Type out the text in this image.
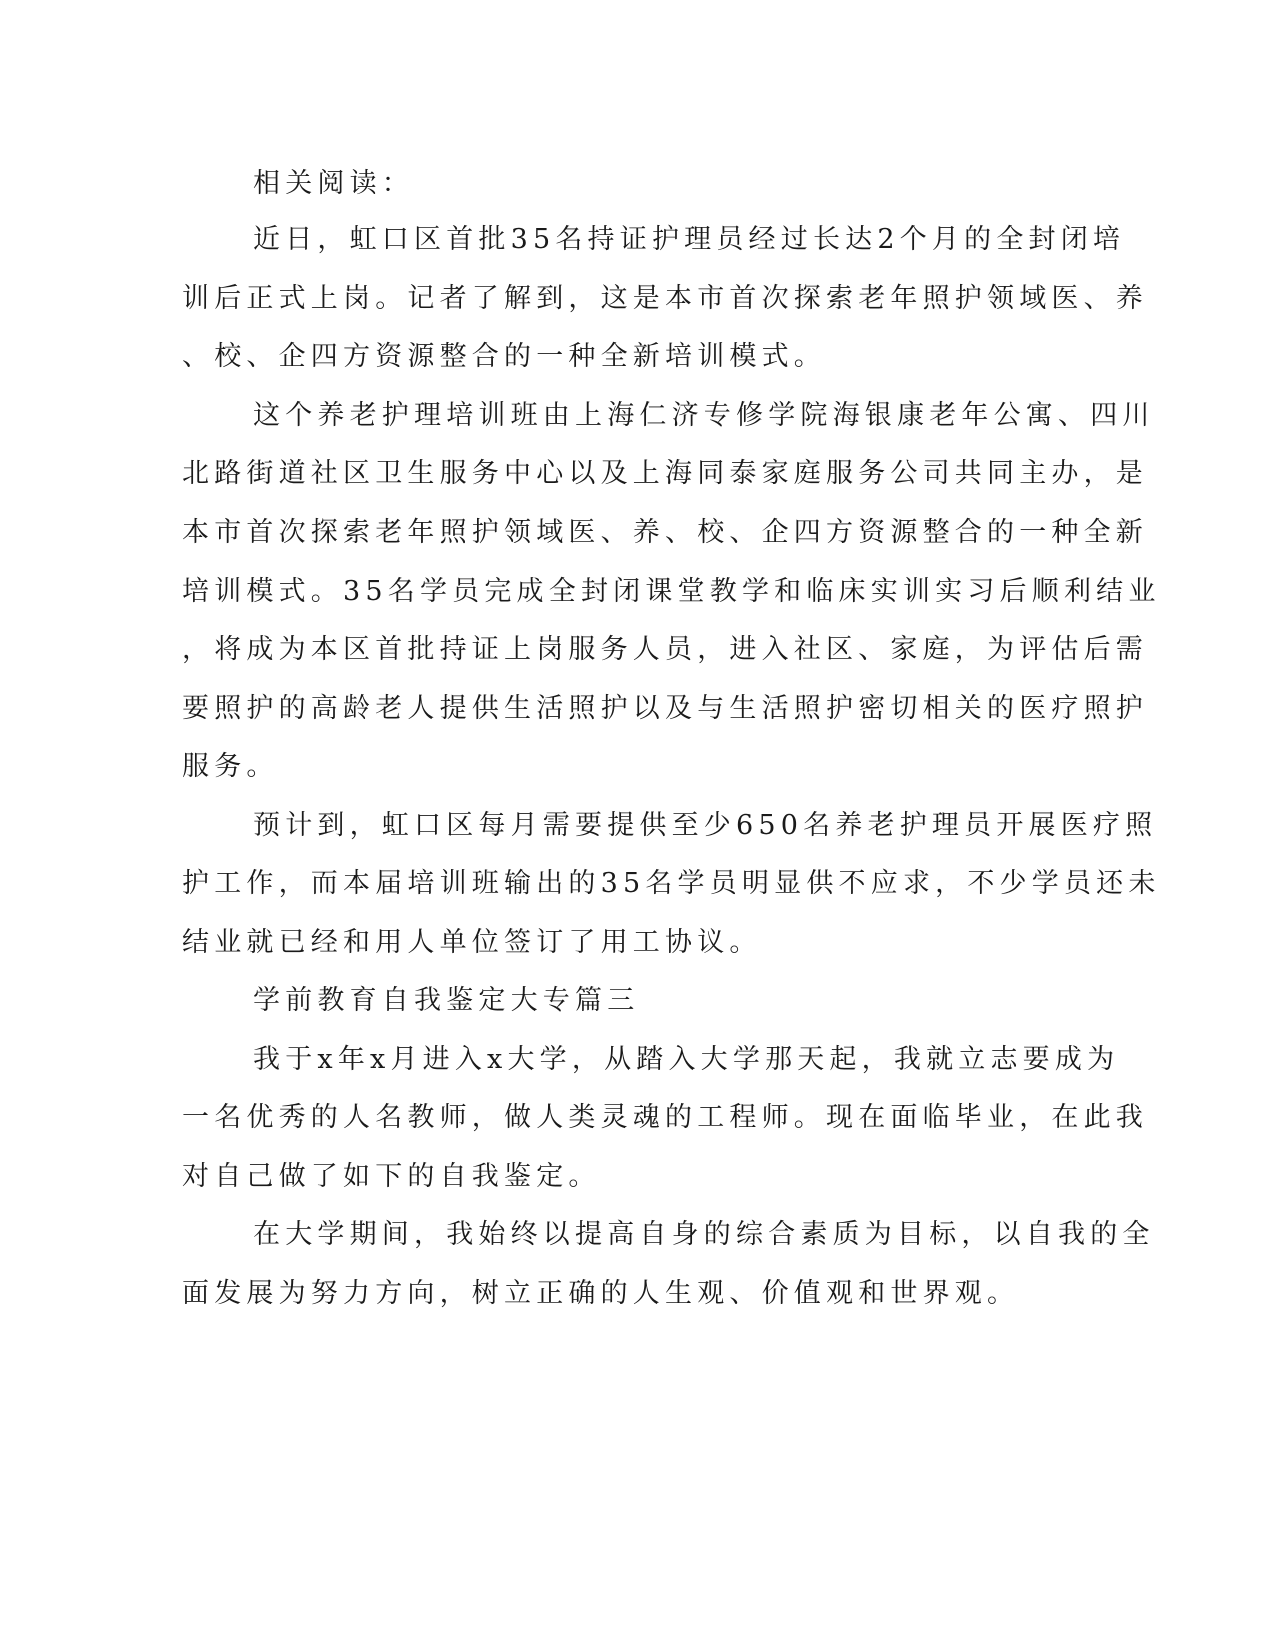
相关阅读：

近日，虹口区首批35名持证护理员经过长达2个月的全封闭培

训后正式上岗。记者了解到，这是本市首次探索老年照护领域医、养

、校、企四方资源整合的一种全新培训模式。

这个养老护理培训班由上海仁济专修学院海银康老年公寓、四川

北路街道社区卫生服务中心以及上海同泰家庭服务公司共同主办，是

本市首次探索老年照护领域医、养、校、企四方资源整合的一种全新

培训模式。35名学员完成全封闭课堂教学和临床实训实习后顺利结业

，将成为本区首批持证上岗服务人员，进入社区、家庭，为评估后需

要照护的高龄老人提供生活照护以及与生活照护密切相关的医疗照护

服务。

预计到，虹口区每月需要提供至少650名养老护理员开展医疗照

护工作，而本届培训班输出的35名学员明显供不应求，不少学员还未

结业就已经和用人单位签订了用工协议。

学前教育自我鉴定大专篇三

我于x年x月进入x大学，从踏入大学那天起，我就立志要成为

一名优秀的人名教师，做人类灵魂的工程师。现在面临毕业，在此我

对自己做了如下的自我鉴定。

在大学期间，我始终以提高自身的综合素质为目标，以自我的全

面发展为努力方向，树立正确的人生观、价值观和世界观。
